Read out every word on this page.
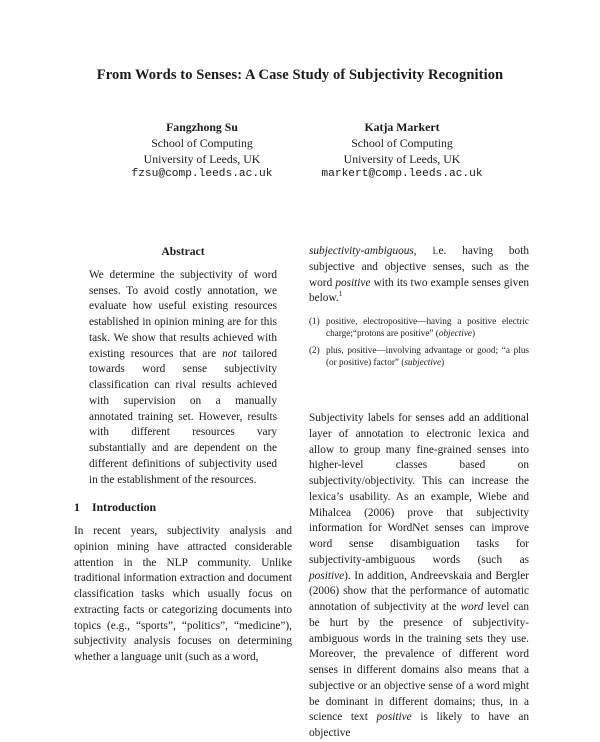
From Words to Senses: A Case Study of Subjectivity Recognition
Fangzhong Su
School of Computing
University of Leeds, UK
fzsu@comp.leeds.ac.uk
Katja Markert
School of Computing
University of Leeds, UK
markert@comp.leeds.ac.uk
Abstract
We determine the subjectivity of word senses. To avoid costly annotation, we evaluate how useful existing resources established in opinion mining are for this task. We show that results achieved with existing resources that are not tailored towards word sense subjectivity classification can rival results achieved with supervision on a manually annotated training set. However, results with different resources vary substantially and are dependent on the different definitions of subjectivity used in the establishment of the resources.
1 Introduction
In recent years, subjectivity analysis and opinion mining have attracted considerable attention in the NLP community. Unlike traditional information extraction and document classification tasks which usually focus on extracting facts or categorizing documents into topics (e.g., “sports”, “politics”, “medicine”), subjectivity analysis focuses on determining whether a language unit (such as a word,
subjectivity-ambiguous, i.e. having both subjective and objective senses, such as the word positive with its two example senses given below.$^1$
(1) positive, electropositive—having a positive electric charge;“protons are positive” (objective)
(2) plus, positive—involving advantage or good; “a plus (or positive) factor” (subjective)
Subjectivity labels for senses add an additional layer of annotation to electronic lexica and allow to group many fine-grained senses into higher-level classes based on subjectivity/objectivity. This can increase the lexica’s usability. As an example, Wiebe and Mihalcea (2006) prove that subjectivity information for WordNet senses can improve word sense disambiguation tasks for subjectivity-ambiguous words (such as positive). In addition, Andreevskaia and Bergler (2006) show that the performance of automatic annotation of subjectivity at the word level can be hurt by the presence of subjectivity-ambiguous words in the training sets they use. Moreover, the prevalence of different word senses in different domains also means that a subjective or an objective sense of a word might be dominant in different domains; thus, in a science text positive is likely to have an objective
